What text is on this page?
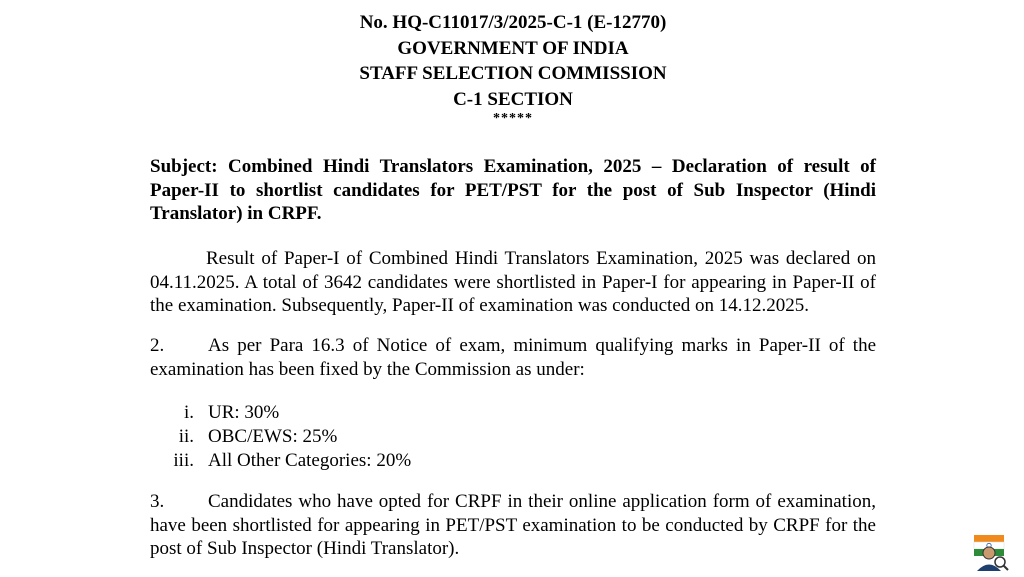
No. HQ-C11017/3/2025-C-1 (E-12770)
GOVERNMENT OF INDIA
STAFF SELECTION COMMISSION
C-1 SECTION
*****
Subject: Combined Hindi Translators Examination, 2025 – Declaration of result of Paper-II to shortlist candidates for PET/PST for the post of Sub Inspector (Hindi Translator) in CRPF.
Result of Paper-I of Combined Hindi Translators Examination, 2025 was declared on 04.11.2025. A total of 3642 candidates were shortlisted in Paper-I for appearing in Paper-II of the examination. Subsequently, Paper-II of examination was conducted on 14.12.2025.
2. As per Para 16.3 of Notice of exam, minimum qualifying marks in Paper-II of the examination has been fixed by the Commission as under:
i. UR: 30%
ii. OBC/EWS: 25%
iii. All Other Categories: 20%
3. Candidates who have opted for CRPF in their online application form of examination, have been shortlisted for appearing in PET/PST examination to be conducted by CRPF for the post of Sub Inspector (Hindi Translator).
